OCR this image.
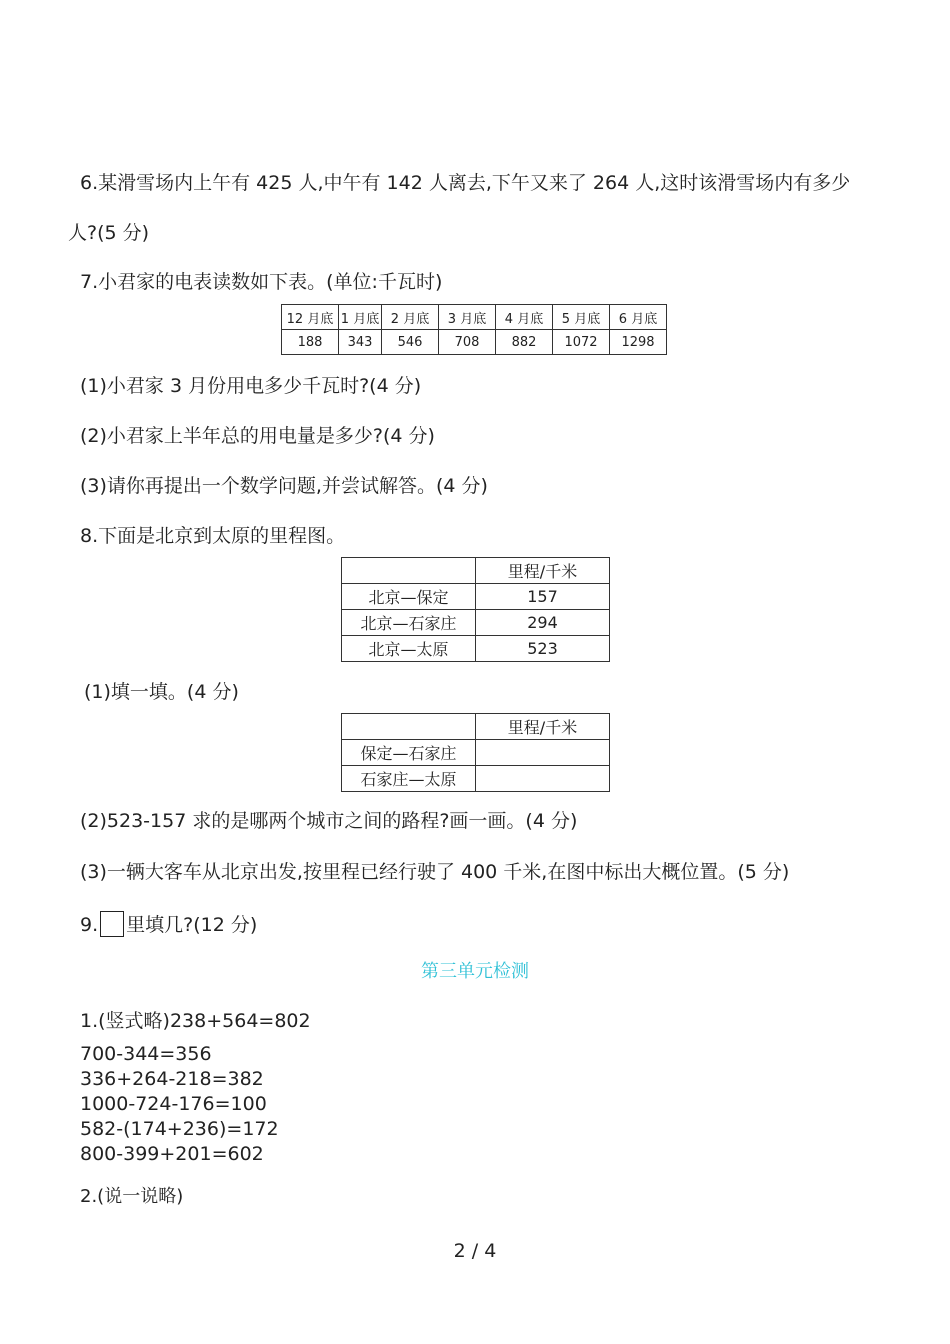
6.某滑雪场内上午有 425 人,中午有 142 人离去,下午又来了 264 人,这时该滑雪场内有多少
人?(5 分)
7.小君家的电表读数如下表。(单位:千瓦时)
12 月底	1 月底	2 月底	3 月底	4 月底	5 月底	6 月底
188	343	546	708	882	1072	1298
(1)小君家 3 月份用电多少千瓦时?(4 分)
(2)小君家上半年总的用电量是多少?(4 分)
(3)请你再提出一个数学问题,并尝试解答。(4 分)
8.下面是北京到太原的里程图。
	里程/千米
北京—保定	157
北京—石家庄	294
北京—太原	523
(1)填一填。(4 分)
	里程/千米
保定—石家庄	
石家庄—太原	
(2)523-157 求的是哪两个城市之间的路程?画一画。(4 分)
(3)一辆大客车从北京出发,按里程已经行驶了 400 千米,在图中标出大概位置。(5 分)
9. 里填几?(12 分)
第三单元检测
1.(竖式略)238+564=802
700-344=356
336+264-218=382
1000-724-176=100
582-(174+236)=172
800-399+201=602
2.(说一说略)
2 / 4
